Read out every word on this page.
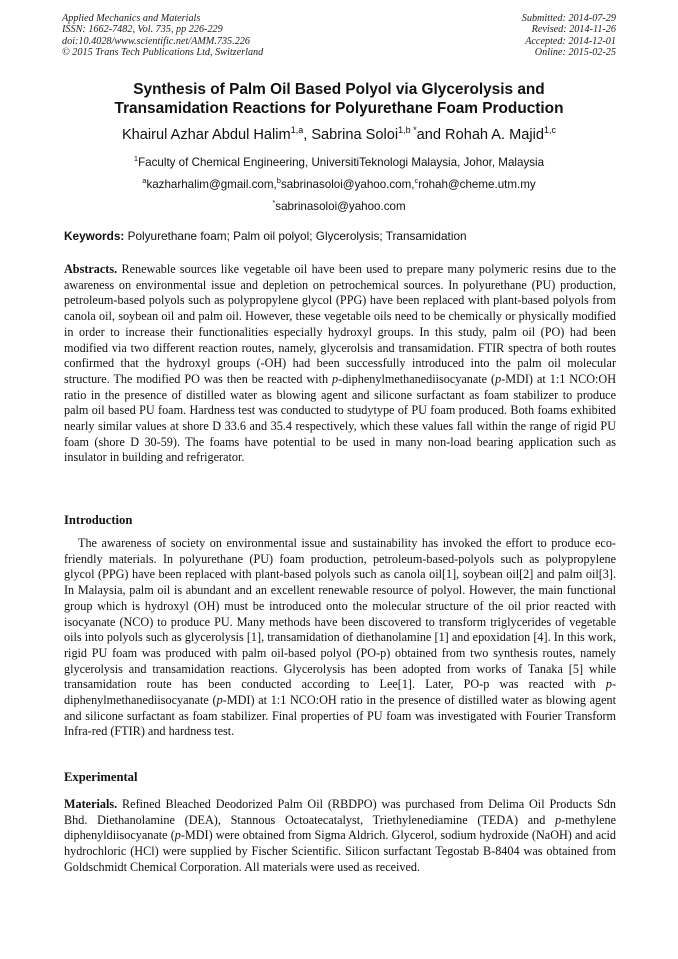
Applied Mechanics and Materials
ISSN: 1662-7482, Vol. 735, pp 226-229
doi:10.4028/www.scientific.net/AMM.735.226
© 2015 Trans Tech Publications Ltd, Switzerland
Submitted: 2014-07-29
Revised: 2014-11-26
Accepted: 2014-12-01
Online: 2015-02-25
Synthesis of Palm Oil Based Polyol via Glycerolysis and
Transamidation Reactions for Polyurethane Foam Production
Khairul Azhar Abdul Halim$^{1,a}$, Sabrina Soloi$^{1,b *}$and Rohah A. Majid$^{1,c}$
$^1$Faculty of Chemical Engineering, UniversitiTeknologi Malaysia, Johor, Malaysia
$^a$kazharhalim@gmail.com,$^b$sabrinasoloi@yahoo.com,$^c$rohah@cheme.utm.my
*sabrinasoloi@yahoo.com
Keywords: Polyurethane foam; Palm oil polyol; Glycerolysis; Transamidation

Abstracts. Renewable sources like vegetable oil have been used to prepare many polymeric resins due to the awareness on environmental issue and depletion on petrochemical sources. In polyurethane (PU) production, petroleum-based polyols such as polypropylene glycol (PPG) have been replaced with plant-based polyols from canola oil, soybean oil and palm oil. However, these vegetable oils need to be chemically or physically modified in order to increase their functionalities especially hydroxyl groups. In this study, palm oil (PO) had been modified via two different reaction routes, namely, glycerolsis and transamidation. FTIR spectra of both routes confirmed that the hydroxyl groups (-OH) had been successfully introduced into the palm oil molecular structure. The modified PO was then be reacted with p-diphenylmethanediisocyanate (p-MDI) at 1:1 NCO:OH ratio in the presence of distilled water as blowing agent and silicone surfactant as foam stabilizer to produce palm oil based PU foam. Hardness test was conducted to studytype of PU foam produced. Both foams exhibited nearly similar values at shore D 33.6 and 35.4 respectively, which these values fall within the range of rigid PU foam (shore D 30-59). The foams have potential to be used in many non-load bearing application such as insulator in building and refrigerator.

Introduction

The awareness of society on environmental issue and sustainability has invoked the effort to produce eco-friendly materials. In polyurethane (PU) foam production, petroleum-based-polyols such as polypropylene glycol (PPG) have been replaced with plant-based polyols such as canola oil[1], soybean oil[2] and palm oil[3]. In Malaysia, palm oil is abundant and an excellent renewable resource of polyol. However, the main functional group which is hydroxyl (OH) must be introduced onto the molecular structure of the oil prior reacted with isocyanate (NCO) to produce PU. Many methods have been discovered to transform triglycerides of vegetable oils into polyols such as glycerolysis [1], transamidation of diethanolamine [1] and epoxidation [4]. In this work, rigid PU foam was produced with palm oil-based polyol (PO-p) obtained from two synthesis routes, namely glycerolysis and transamidation reactions. Glycerolysis has been adopted from works of Tanaka [5] while transamidation route has been conducted according to Lee[1]. Later, PO-p was reacted with p-diphenylmethanediisocyanate (p-MDI) at 1:1 NCO:OH ratio in the presence of distilled water as blowing agent and silicone surfactant as foam stabilizer. Final properties of PU foam was investigated with Fourier Transform Infra-red (FTIR) and hardness test.

Experimental

Materials. Refined Bleached Deodorized Palm Oil (RBDPO) was purchased from Delima Oil Products Sdn Bhd. Diethanolamine (DEA), Stannous Octoatecatalyst, Triethylenediamine (TEDA) and p-methylene diphenyldiisocyanate (p-MDI) were obtained from Sigma Aldrich. Glycerol, sodium hydroxide (NaOH) and acid hydrochloric (HCl) were supplied by Fischer Scientific. Silicon surfactant Tegostab B-8404 was obtained from Goldschmidt Chemical Corporation. All materials were used as received.
